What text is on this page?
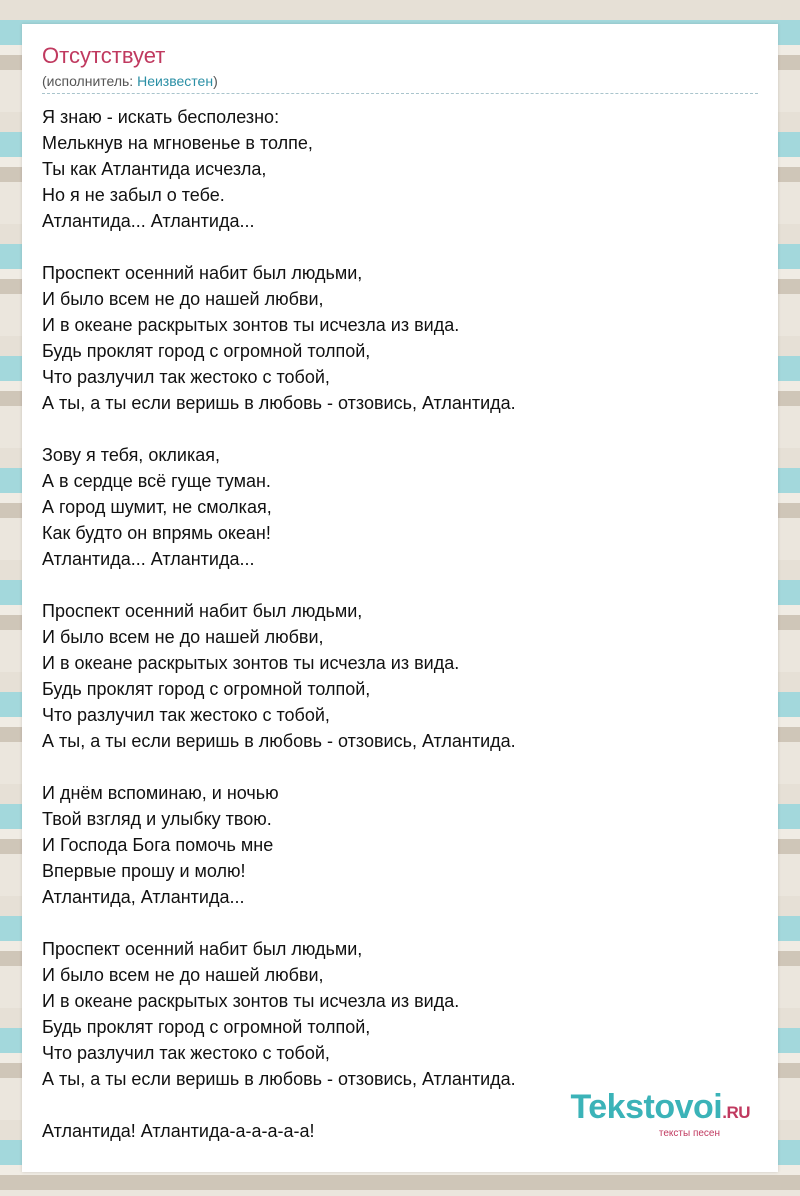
Отсутствует
(исполнитель: Неизвестен)
Я знаю - искать бесполезно:
Мелькнув на мгновенье в толпе,
Ты как Атлантида исчезла,
Но я не забыл о тебе.
Атлантида... Атлантида...
Проспект осенний набит был людьми,
И было всем не до нашей любви,
И в океане раскрытых зонтов ты исчезла из вида.
Будь проклят город с огромной толпой,
Что разлучил так жестоко с тобой,
А ты, а ты если веришь в любовь - отзовись, Атлантида.
Зову я тебя, окликая,
А в сердце всё гуще туман.
А город шумит, не смолкая,
Как будто он впрямь океан!
Атлантида... Атлантида...
Проспект осенний набит был людьми,
И было всем не до нашей любви,
И в океане раскрытых зонтов ты исчезла из вида.
Будь проклят город с огромной толпой,
Что разлучил так жестоко с тобой,
А ты, а ты если веришь в любовь - отзовись, Атлантида.
И днём вспоминаю, и ночью
Твой взгляд и улыбку твою.
И Господа Бога помочь мне
Впервые прошу и молю!
Атлантида, Атлантида...
Проспект осенний набит был людьми,
И было всем не до нашей любви,
И в океане раскрытых зонтов ты исчезла из вида.
Будь проклят город с огромной толпой,
Что разлучил так жестоко с тобой,
А ты, а ты если веришь в любовь - отзовись, Атлантида.
Атлантида! Атлантида-а-а-а-а-а!
Tekstovoi.RU
тексты песен
